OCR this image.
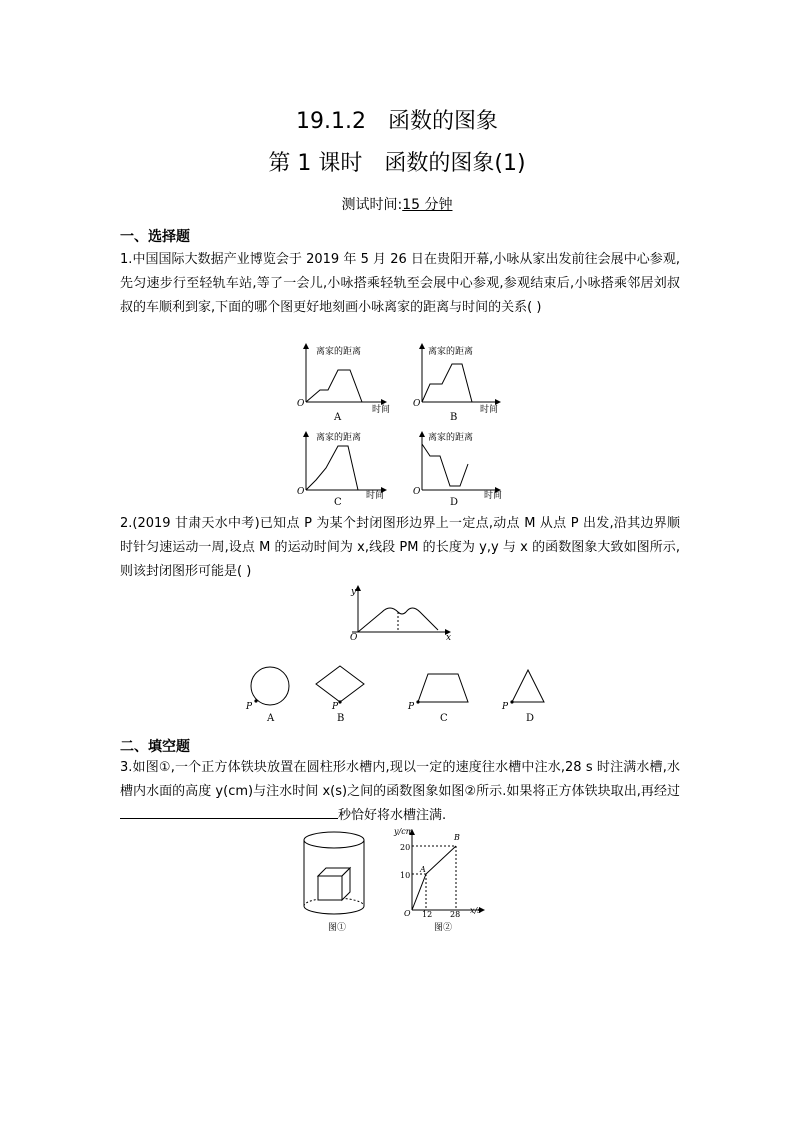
19.1.2　函数的图象
第 1 课时　函数的图象(1)
测试时间:15 分钟
一、选择题
1.中国国际大数据产业博览会于 2019 年 5 月 26 日在贵阳开幕,小咏从家出发前往会展中心参观,先匀速步行至轻轨车站,等了一会儿,小咏搭乘轻轨至会展中心参观,参观结束后,小咏搭乘邻居刘叔叔的车顺利到家,下面的哪个图更好地刻画小咏离家的距离与时间的关系( )
离家的距离
时间
O
A
离家的距离
时间
O
B
离家的距离
时间
O
C
离家的距离
时间
O
D
2.(2019 甘肃天水中考)已知点 P 为某个封闭图形边界上一定点,动点 M 从点 P 出发,沿其边界顺时针匀速运动一周,设点 M 的运动时间为 x,线段 PM 的长度为 y,y 与 x 的函数图象大致如图所示,则该封闭图形可能是( )
y
x
O
P
A
P
B
P
C
P
D
二、填空题
3.如图①,一个正方体铁块放置在圆柱形水槽内,现以一定的速度往水槽中注水,28 s 时注满水槽,水槽内水面的高度 y(cm)与注水时间 x(s)之间的函数图象如图②所示.如果将正方体铁块取出,再经过秒恰好将水槽注满.
图①
y/cm
x/s
O
10
20
12 28
A
B
图②
